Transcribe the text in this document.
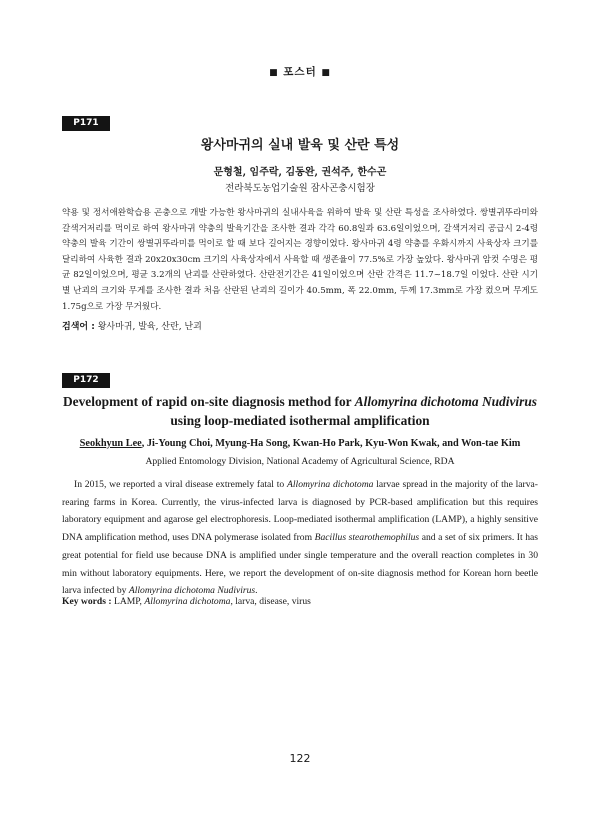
■ 포스터 ■
P171
왕사마귀의 실내 발육 및 산란 특성
문형철, 임주락, 김동완, 권석주, 한수곤
전라북도농업기술원 잠사곤충시험장
약용 및 정서애완학습용 곤충으로 개발 가능한 왕사마귀의 실내사육을 위하여 발육 및 산란 특성을 조사하였다. 쌍별귀뚜라미와 갈색거저리를 먹이로 하여 왕사마귀 약충의 발육기간을 조사한 결과 각각 60.8일과 63.6일이었으며, 갈색거저리 공급시 2-4령 약충의 발육 기간이 쌍별귀뚜라미를 먹이로 할 때 보다 길어지는 경향이었다. 왕사마귀 4령 약충를 우화시까지 사육상자 크기를 달리하여 사육한 결과 20x20x30cm 크기의 사육상자에서 사육할 때 생존율이 77.5%로 가장 높았다. 왕사마귀 암컷 수명은 평균 82일이었으며, 평균 3.2개의 난괴를 산란하였다. 산란전기간은 41일이었으며 산란 간격은 11.7~18.7일 이었다. 산란 시기별 난괴의 크기와 무게를 조사한 결과 처음 산란된 난괴의 길이가 40.5mm, 폭 22.0mm, 두께 17.3mm로 가장 컸으며 무게도 1.75g으로 가장 무거웠다.
검색어 : 왕사마귀, 발육, 산란, 난괴
P172
Development of rapid on-site diagnosis method for Allomyrina dichotoma Nudivirus using loop-mediated isothermal amplification
Seokhyun Lee, Ji-Young Choi, Myung-Ha Song, Kwan-Ho Park, Kyu-Won Kwak, and Won-tae Kim
Applied Entomology Division, National Academy of Agricultural Science, RDA
In 2015, we reported a viral disease extremely fatal to Allomyrina dichotoma larvae spread in the majority of the larva-rearing farms in Korea. Currently, the virus-infected larva is diagnosed by PCR-based amplification but this requires laboratory equipment and agarose gel electrophoresis. Loop-mediated isothermal amplification (LAMP), a highly sensitive DNA amplification method, uses DNA polymerase isolated from Bacillus stearothemophilus and a set of six primers. It has great potential for field use because DNA is amplified under single temperature and the overall reaction completes in 30 min without laboratory equipments. Here, we report the development of on-site diagnosis method for Korean horn beetle larva infected by Allomyrina dichotoma Nudivirus.
Key words : LAMP, Allomyrina dichotoma, larva, disease, virus
122
